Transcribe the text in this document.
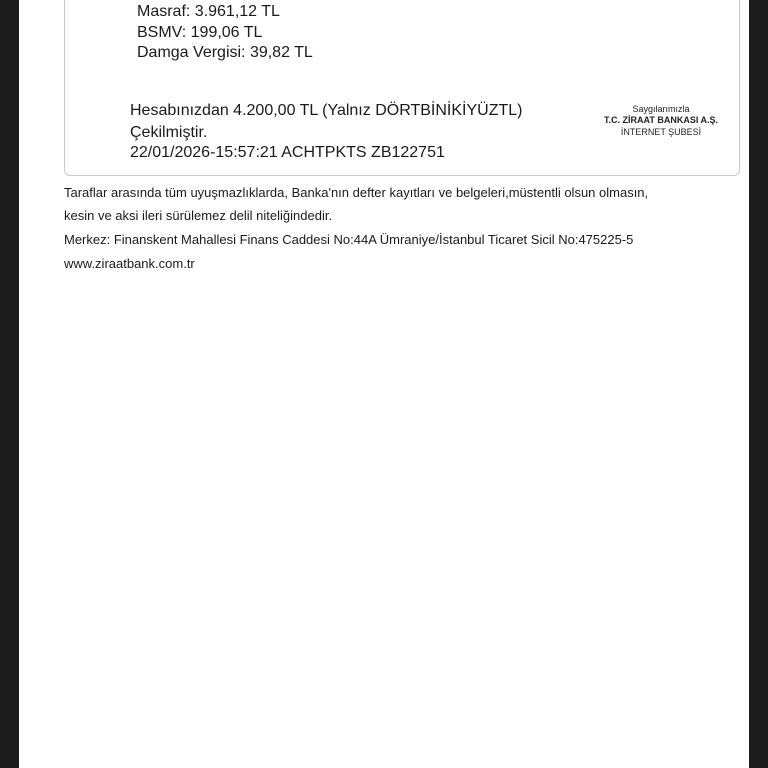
Masraf: 3.961,12 TL
BSMV: 199,06 TL
Damga Vergisi: 39,82 TL
Hesabınızdan 4.200,00 TL (Yalnız DÖRTBİNİKİYÜZTL)
Çekilmiştir.
22/01/2026-15:57:21 ACHTPKTS ZB122751
Saygılarımızla
T.C. ZİRAAT BANKASI A.Ş.
İNTERNET ŞUBESİ
Taraflar arasında tüm uyuşmazlıklarda, Banka'nın defter kayıtları ve belgeleri,müstentli olsun olmasın,
kesin ve aksi ileri sürülemez delil niteliğindedir.
Merkez: Finanskent Mahallesi Finans Caddesi No:44A Ümraniye/İstanbul Ticaret Sicil No:475225-5
www.ziraatbank.com.tr
